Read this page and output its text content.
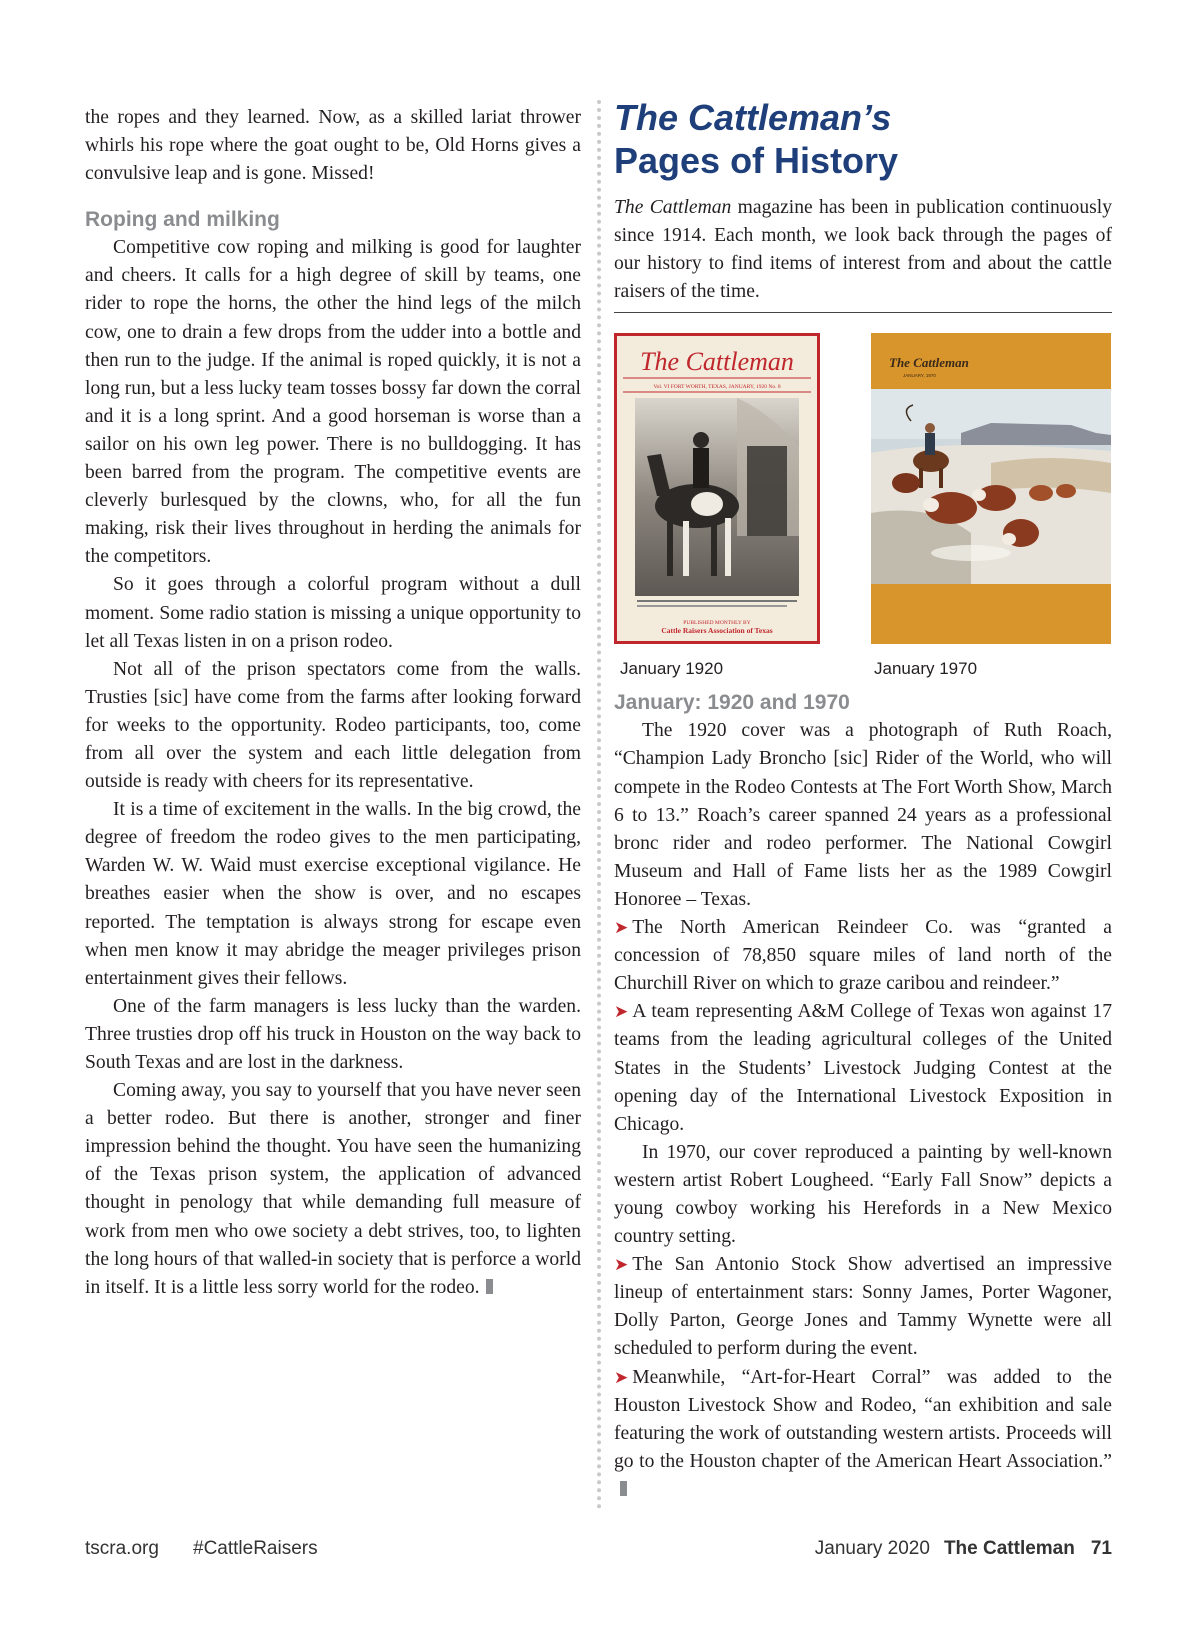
the ropes and they learned. Now, as a skilled lariat thrower whirls his rope where the goat ought to be, Old Horns gives a convulsive leap and is gone. Missed!

Roping and milking

Competitive cow roping and milking is good for laughter and cheers. It calls for a high degree of skill by teams, one rider to rope the horns, the other the hind legs of the milch cow, one to drain a few drops from the udder into a bottle and then run to the judge. If the animal is roped quickly, it is not a long run, but a less lucky team tosses bossy far down the corral and it is a long sprint. And a good horseman is worse than a sailor on his own leg power. There is no bulldogging. It has been barred from the program. The competitive events are cleverly burlesqued by the clowns, who, for all the fun making, risk their lives throughout in herding the animals for the competitors.

So it goes through a colorful program without a dull moment. Some radio station is missing a unique opportunity to let all Texas listen in on a prison rodeo.

Not all of the prison spectators come from the walls. Trusties [sic] have come from the farms after looking forward for weeks to the opportunity. Rodeo participants, too, come from all over the system and each little delegation from outside is ready with cheers for its representative.

It is a time of excitement in the walls. In the big crowd, the degree of freedom the rodeo gives to the men participating, Warden W. W. Waid must exercise exceptional vigilance. He breathes easier when the show is over, and no escapes reported. The temptation is always strong for escape even when men know it may abridge the meager privileges prison entertainment gives their fellows.

One of the farm managers is less lucky than the warden. Three trusties drop off his truck in Houston on the way back to South Texas and are lost in the darkness.

Coming away, you say to yourself that you have never seen a better rodeo. But there is another, stronger and finer impression behind the thought. You have seen the humanizing of the Texas prison system, the application of advanced thought in penology that while demanding full measure of work from men who owe society a debt strives, too, to lighten the long hours of that walled-in society that is perforce a world in itself. It is a little less sorry world for the rodeo.

The Cattleman’s
Pages of History

The Cattleman magazine has been in publication continuously since 1914. Each month, we look back through the pages of our history to find items of interest from and about the cattle raisers of the time.

The Cattleman
Vol. VI FORT WORTH, TEXAS, JANUARY, 1920 No. 8
PUBLISHED MONTHLY BY
Cattle Raisers Association of Texas
January 1920
The Cattleman
JANUARY, 1970
January 1970
January: 1920 and 1970

The 1920 cover was a photograph of Ruth Roach, “Champion Lady Broncho [sic] Rider of the World, who will compete in the Rodeo Contests at The Fort Worth Show, March 6 to 13.” Roach’s career spanned 24 years as a professional bronc rider and rodeo performer. The National Cowgirl Museum and Hall of Fame lists her as the 1989 Cowgirl Honoree – Texas.

➤ The North American Reindeer Co. was “granted a concession of 78,850 square miles of land north of the Churchill River on which to graze caribou and reindeer.”

➤ A team representing A&M College of Texas won against 17 teams from the leading agricultural colleges of the United States in the Students’ Livestock Judging Contest at the opening day of the International Livestock Exposition in Chicago.

In 1970, our cover reproduced a painting by well-known western artist Robert Lougheed. “Early Fall Snow” depicts a young cowboy working his Herefords in a New Mexico country setting.

➤ The San Antonio Stock Show advertised an impressive lineup of entertainment stars: Sonny James, Porter Wagoner, Dolly Parton, George Jones and Tammy Wynette were all scheduled to perform during the event.

➤ Meanwhile, “Art-for-Heart Corral” was added to the Houston Livestock Show and Rodeo, “an exhibition and sale featuring the work of outstanding western artists. Proceeds will go to the Houston chapter of the American Heart Association.”

tscra.org #CattleRaisers	January 2020 The Cattleman 71
